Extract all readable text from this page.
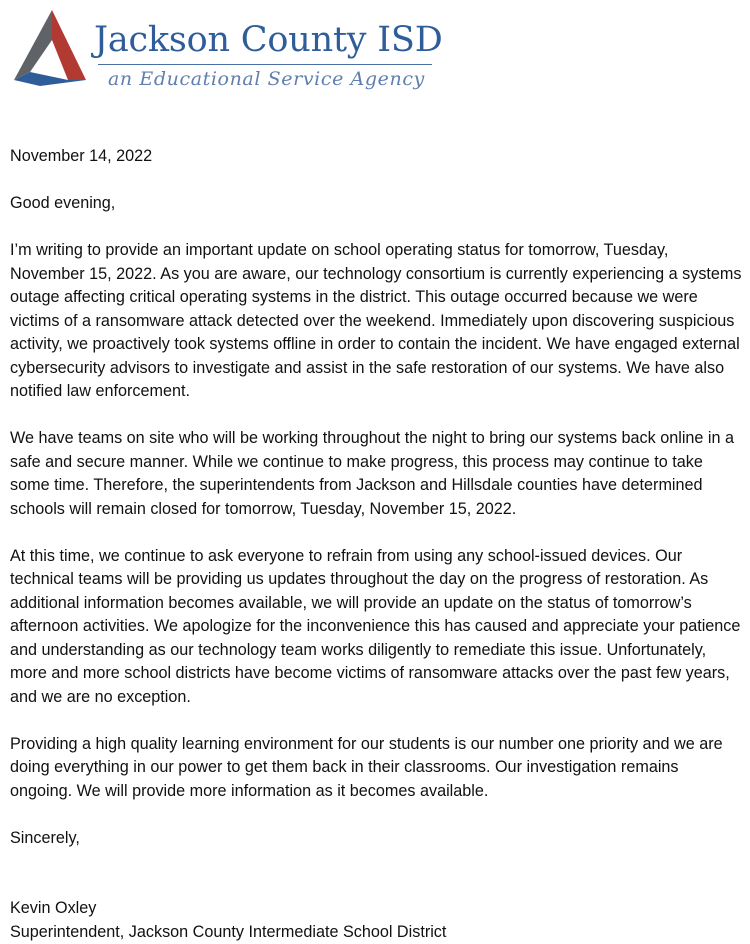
Jackson County ISD
an Educational Service Agency

November 14, 2022

Good evening,

I’m writing to provide an important update on school operating status for tomorrow, Tuesday, November 15, 2022. As you are aware, our technology consortium is currently experiencing a systems outage affecting critical operating systems in the district. This outage occurred because we were victims of a ransomware attack detected over the weekend. Immediately upon discovering suspicious activity, we proactively took systems offline in order to contain the incident. We have engaged external cybersecurity advisors to investigate and assist in the safe restoration of our systems. We have also notified law enforcement.

We have teams on site who will be working throughout the night to bring our systems back online in a safe and secure manner. While we continue to make progress, this process may continue to take some time. Therefore, the superintendents from Jackson and Hillsdale counties have determined schools will remain closed for tomorrow, Tuesday, November 15, 2022.

At this time, we continue to ask everyone to refrain from using any school-issued devices. Our technical teams will be providing us updates throughout the day on the progress of restoration. As additional information becomes available, we will provide an update on the status of tomorrow’s afternoon activities. We apologize for the inconvenience this has caused and appreciate your patience and understanding as our technology team works diligently to remediate this issue. Unfortunately, more and more school districts have become victims of ransomware attacks over the past few years, and we are no exception.

Providing a high quality learning environment for our students is our number one priority and we are doing everything in our power to get them back in their classrooms. Our investigation remains ongoing. We will provide more information as it becomes available.

Sincerely,

Kevin Oxley

Superintendent, Jackson County Intermediate School District
